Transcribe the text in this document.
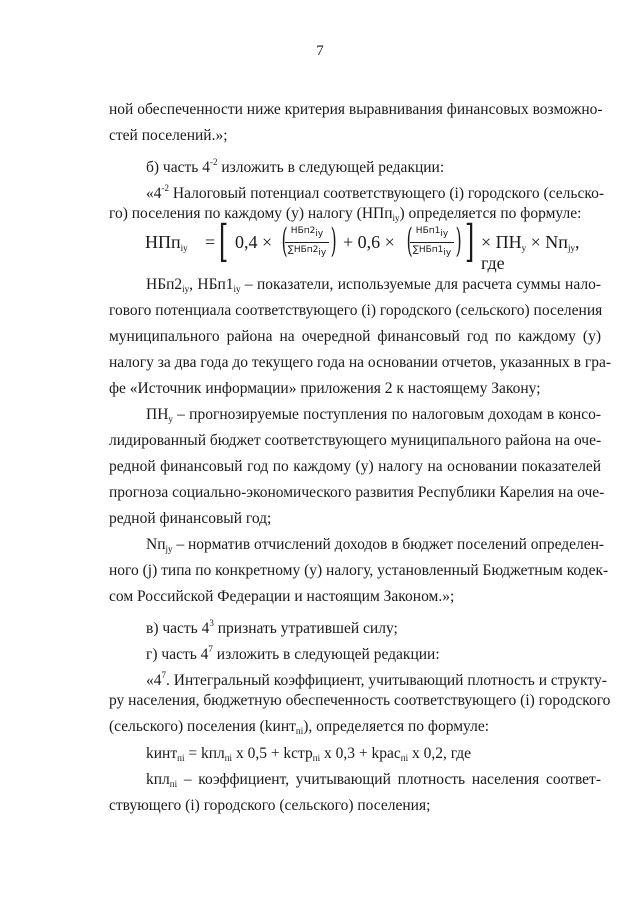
7
ной обеспеченности ниже критерия выравнивания финансовых возможно-
стей поселений.»;
б) часть $4^{-2}$ изложить в следующей редакции:
«$4^{-2}$ Налоговый потенциал соответствующего (i) городского (сельско-
го) поселения по каждому (y) налогу (НПп$_{iy}$) определяется по формуле:
НПп$_{iy}$ = [ 0,4 × ( $НБп2_{iy}$
$\sum НБп2_{iy}$ ) + 0,6 × ( $НБп1_{iy}$
$\sum НБп1_{iy}$ ) ] × $ПН_y \times Nп_{jy}$, где
$НБп2_{iy}$, $НБп1_{iy}$ – показатели, используемые для расчета суммы нало-
гового потенциала соответствующего (i) городского (сельского) поселения
муниципального района на очередной финансовый год по каждому (y)
налогу за два года до текущего года на основании отчетов, указанных в гра-
фе «Источник информации» приложения 2 к настоящему Закону;
$ПН_y$ – прогнозируемые поступления по налоговым доходам в консо-
лидированный бюджет соответствующего муниципального района на оче-
редной финансовый год по каждому (y) налогу на основании показателей
прогноза социально-экономического развития Республики Карелия на оче-
редной финансовый год;
$Nп_{jy}$ – норматив отчислений доходов в бюджет поселений определен-
ного (j) типа по конкретному (y) налогу, установленный Бюджетным кодек-
сом Российской Федерации и настоящим Законом.»;
в) часть $4^3$ признать утратившей силу;
г) часть $4^7$ изложить в следующей редакции:
«$4^7$. Интегральный коэффициент, учитывающий плотность и структу-
ру населения, бюджетную обеспеченность соответствующего (i) городского
(сельского) поселения (kинт$_{пi}$), определяется по формуле:
kинт$_{пi}$ = kпл$_{пi}$ х 0,5 + kстр$_{пi}$ х 0,3 + kрас$_{пi}$ х 0,2, где
kпл$_{пi}$ – коэффициент, учитывающий плотность населения соответ-
ствующего (i) городского (сельского) поселения;
